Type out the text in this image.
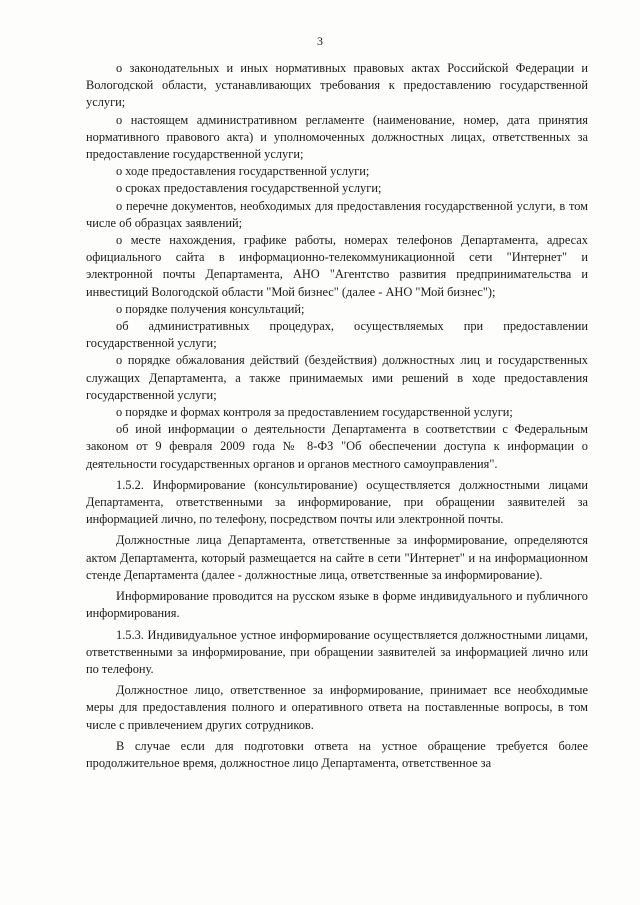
3

о законодательных и иных нормативных правовых актах Российской Федерации и Вологодской области, устанавливающих требования к предоставлению государственной услуги;

о настоящем административном регламенте (наименование, номер, дата принятия нормативного правового акта) и уполномоченных должностных лицах, ответственных за предоставление государственной услуги;

о ходе предоставления государственной услуги;

о сроках предоставления государственной услуги;

о перечне документов, необходимых для предоставления государственной услуги, в том числе об образцах заявлений;

о месте нахождения, графике работы, номерах телефонов Департамента, адресах официального сайта в информационно-телекоммуникационной сети "Интернет" и электронной почты Департамента, АНО "Агентство развития предпринимательства и инвестиций Вологодской области "Мой бизнес" (далее - АНО "Мой бизнес");

о порядке получения консультаций;

об административных процедурах, осуществляемых при предоставлении государственной услуги;

о порядке обжалования действий (бездействия) должностных лиц и государственных служащих Департамента, а также принимаемых ими решений в ходе предоставления государственной услуги;

о порядке и формах контроля за предоставлением государственной услуги;

об иной информации о деятельности Департамента в соответствии с Федеральным законом от 9 февраля 2009 года № 8-ФЗ "Об обеспечении доступа к информации о деятельности государственных органов и органов местного самоуправления".

1.5.2. Информирование (консультирование) осуществляется должностными лицами Департамента, ответственными за информирование, при обращении заявителей за информацией лично, по телефону, посредством почты или электронной почты.

Должностные лица Департамента, ответственные за информирование, определяются актом Департамента, который размещается на сайте в сети "Интернет" и на информационном стенде Департамента (далее - должностные лица, ответственные за информирование).

Информирование проводится на русском языке в форме индивидуального и публичного информирования.

1.5.3. Индивидуальное устное информирование осуществляется должностными лицами, ответственными за информирование, при обращении заявителей за информацией лично или по телефону.

Должностное лицо, ответственное за информирование, принимает все необходимые меры для предоставления полного и оперативного ответа на поставленные вопросы, в том числе с привлечением других сотрудников.

В случае если для подготовки ответа на устное обращение требуется более продолжительное время, должностное лицо Департамента, ответственное за
